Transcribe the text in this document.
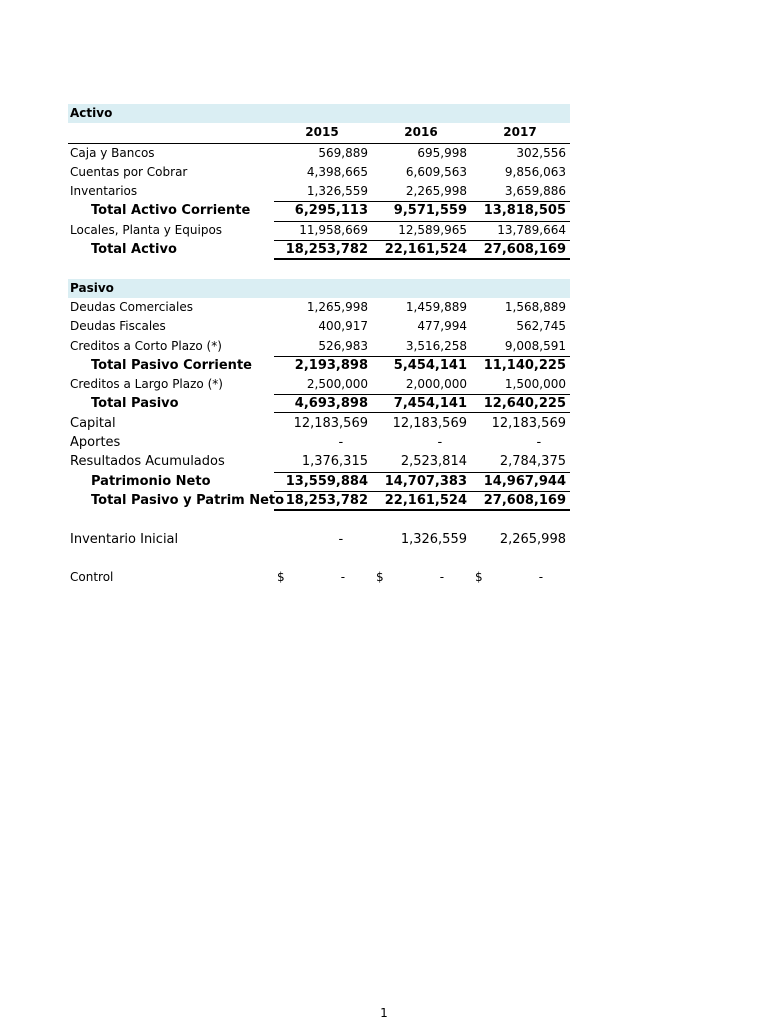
Activo
2015	2016	2017
Caja y Bancos	569,889	695,998	302,556
Cuentas por Cobrar	4,398,665	6,609,563	9,856,063
Inventarios	1,326,559	2,265,998	3,659,886
Total Activo Corriente	6,295,113	9,571,559	13,818,505
Locales, Planta y Equipos	11,958,669	12,589,965	13,789,664
Total Activo	18,253,782	22,161,524	27,608,169
Pasivo
Deudas Comerciales	1,265,998	1,459,889	1,568,889
Deudas Fiscales	400,917	477,994	562,745
Creditos a Corto Plazo (*)	526,983	3,516,258	9,008,591
Total Pasivo Corriente	2,193,898	5,454,141	11,140,225
Creditos a Largo Plazo (*)	2,500,000	2,000,000	1,500,000
Total Pasivo	4,693,898	7,454,141	12,640,225
Capital	12,183,569	12,183,569	12,183,569
Aportes	-	-	-
Resultados Acumulados	1,376,315	2,523,814	2,784,375
Patrimonio Neto	13,559,884	14,707,383	14,967,944
Total Pasivo y Patrim Neto 18,253,782	22,161,524	27,608,169
Inventario Inicial	-	1,326,559	2,265,998
Control	$	-	$	-	$	-
1
